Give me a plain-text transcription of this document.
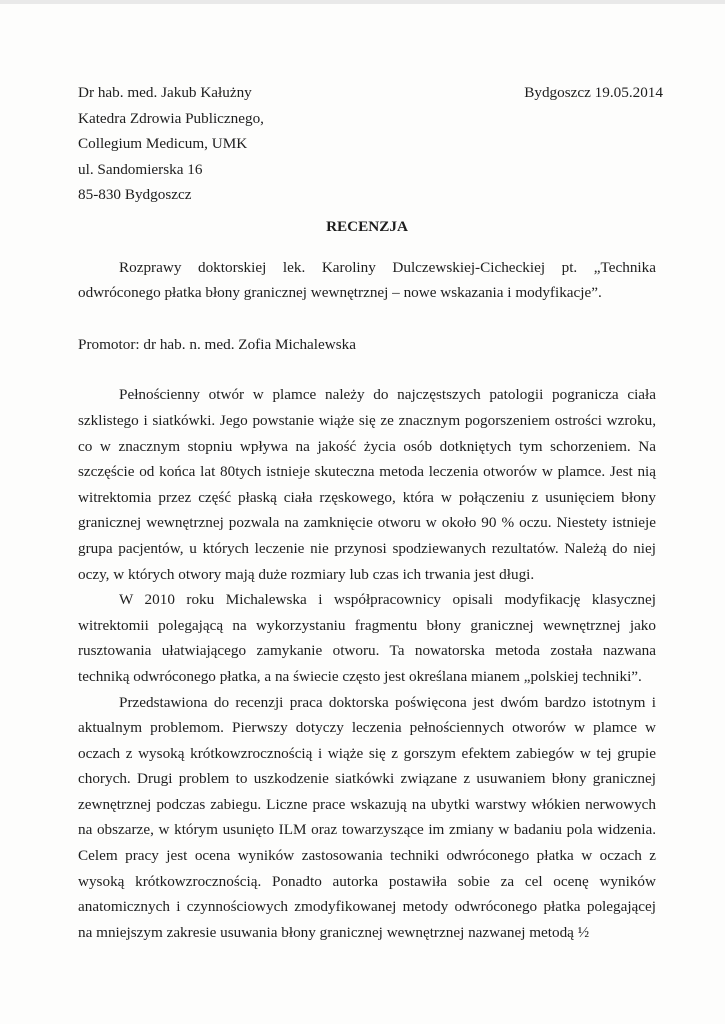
Dr hab. med. Jakub Kałużny
Katedra Zdrowia Publicznego,
Collegium Medicum, UMK
ul. Sandomierska 16
85-830 Bydgoszcz
Bydgoszcz 19.05.2014
RECENZJA

Rozprawy doktorskiej lek. Karoliny Dulczewskiej-Cicheckiej pt. „Technika odwróconego płatka błony granicznej wewnętrznej – nowe wskazania i modyfikacje”.

Promotor: dr hab. n. med. Zofia Michalewska

Pełnościenny otwór w plamce należy do najczęstszych patologii pogranicza ciała szklistego i siatkówki. Jego powstanie wiąże się ze znacznym pogorszeniem ostrości wzroku, co w znacznym stopniu wpływa na jakość życia osób dotkniętych tym schorzeniem. Na szczęście od końca lat 80tych istnieje skuteczna metoda leczenia otworów w plamce. Jest nią witrektomia przez część płaską ciała rzęskowego, która w połączeniu z usunięciem błony granicznej wewnętrznej pozwala na zamknięcie otworu w około 90 % oczu. Niestety istnieje grupa pacjentów, u których leczenie nie przynosi spodziewanych rezultatów. Należą do niej oczy, w których otwory mają duże rozmiary lub czas ich trwania jest długi.

W 2010 roku Michalewska i współpracownicy opisali modyfikację klasycznej witrektomii polegającą na wykorzystaniu fragmentu błony granicznej wewnętrznej jako rusztowania ułatwiającego zamykanie otworu. Ta nowatorska metoda została nazwana techniką odwróconego płatka, a na świecie często jest określana mianem „polskiej techniki”.

Przedstawiona do recenzji praca doktorska poświęcona jest dwóm bardzo istotnym i aktualnym problemom. Pierwszy dotyczy leczenia pełnościennych otworów w plamce w oczach z wysoką krótkowzrocznością i wiąże się z gorszym efektem zabiegów w tej grupie chorych. Drugi problem to uszkodzenie siatkówki związane z usuwaniem błony granicznej zewnętrznej podczas zabiegu. Liczne prace wskazują na ubytki warstwy włókien nerwowych na obszarze, w którym usunięto ILM oraz towarzyszące im zmiany w badaniu pola widzenia. Celem pracy jest ocena wyników zastosowania techniki odwróconego płatka w oczach z wysoką krótkowzrocznością. Ponadto autorka postawiła sobie za cel ocenę wyników anatomicznych i czynnościowych zmodyfikowanej metody odwróconego płatka polegającej na mniejszym zakresie usuwania błony granicznej wewnętrznej nazwanej metodą ½
